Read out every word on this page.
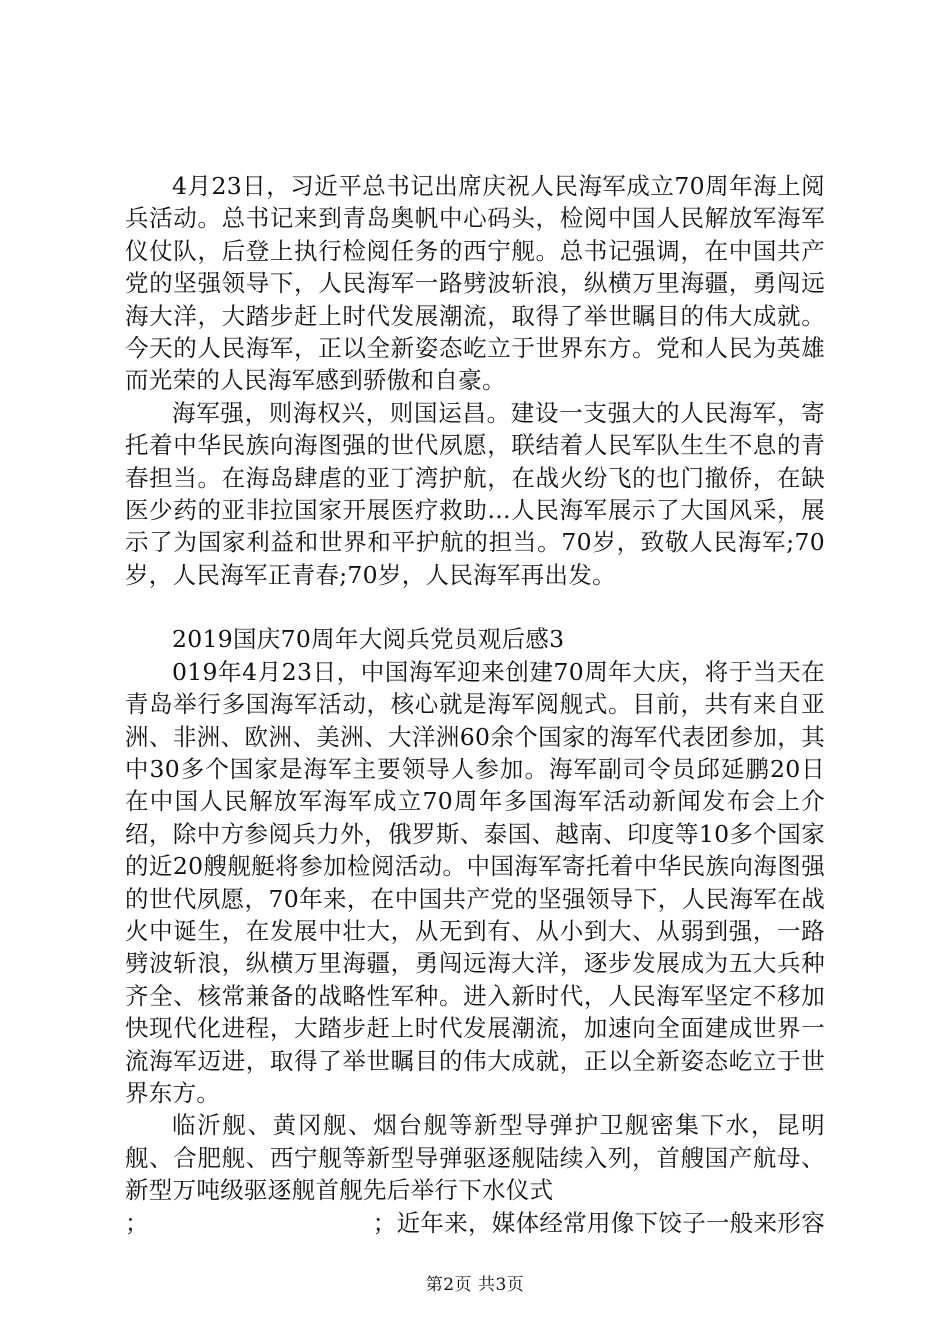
4月23日，习近平总书记出席庆祝人民海军成立70周年海上阅兵活动。总书记来到青岛奥帆中心码头，检阅中国人民解放军海军仪仗队，后登上执行检阅任务的西宁舰。总书记强调，在中国共产党的坚强领导下，人民海军一路劈波斩浪，纵横万里海疆，勇闯远海大洋，大踏步赶上时代发展潮流，取得了举世瞩目的伟大成就。今天的人民海军，正以全新姿态屹立于世界东方。党和人民为英雄而光荣的人民海军感到骄傲和自豪。

海军强，则海权兴，则国运昌。建设一支强大的人民海军，寄托着中华民族向海图强的世代夙愿，联结着人民军队生生不息的青春担当。在海岛肆虐的亚丁湾护航，在战火纷飞的也门撤侨，在缺医少药的亚非拉国家开展医疗救助...人民海军展示了大国风采，展示了为国家利益和世界和平护航的担当。70岁，致敬人民海军;70岁，人民海军正青春;70岁，人民海军再出发。

2019国庆70周年大阅兵党员观后感3

019年4月23日，中国海军迎来创建70周年大庆，将于当天在青岛举行多国海军活动，核心就是海军阅舰式。目前，共有来自亚洲、非洲、欧洲、美洲、大洋洲60余个国家的海军代表团参加，其中30多个国家是海军主要领导人参加。海军副司令员邱延鹏20日在中国人民解放军海军成立70周年多国海军活动新闻发布会上介绍，除中方参阅兵力外，俄罗斯、泰国、越南、印度等10多个国家的近20艘舰艇将参加检阅活动。中国海军寄托着中华民族向海图强的世代夙愿，70年来，在中国共产党的坚强领导下，人民海军在战火中诞生，在发展中壮大，从无到有、从小到大、从弱到强，一路劈波斩浪，纵横万里海疆，勇闯远海大洋，逐步发展成为五大兵种齐全、核常兼备的战略性军种。进入新时代，人民海军坚定不移加快现代化进程，大踏步赶上时代发展潮流，加速向全面建成世界一流海军迈进，取得了举世瞩目的伟大成就，正以全新姿态屹立于世界东方。

临沂舰、黄冈舰、烟台舰等新型导弹护卫舰密集下水，昆明舰、合肥舰、西宁舰等新型导弹驱逐舰陆续入列，首艘国产航母、新型万吨级驱逐舰首舰先后举行下水仪式

；	；近年来，媒体经常用像下饺子一般来形容

第2页 共3页
